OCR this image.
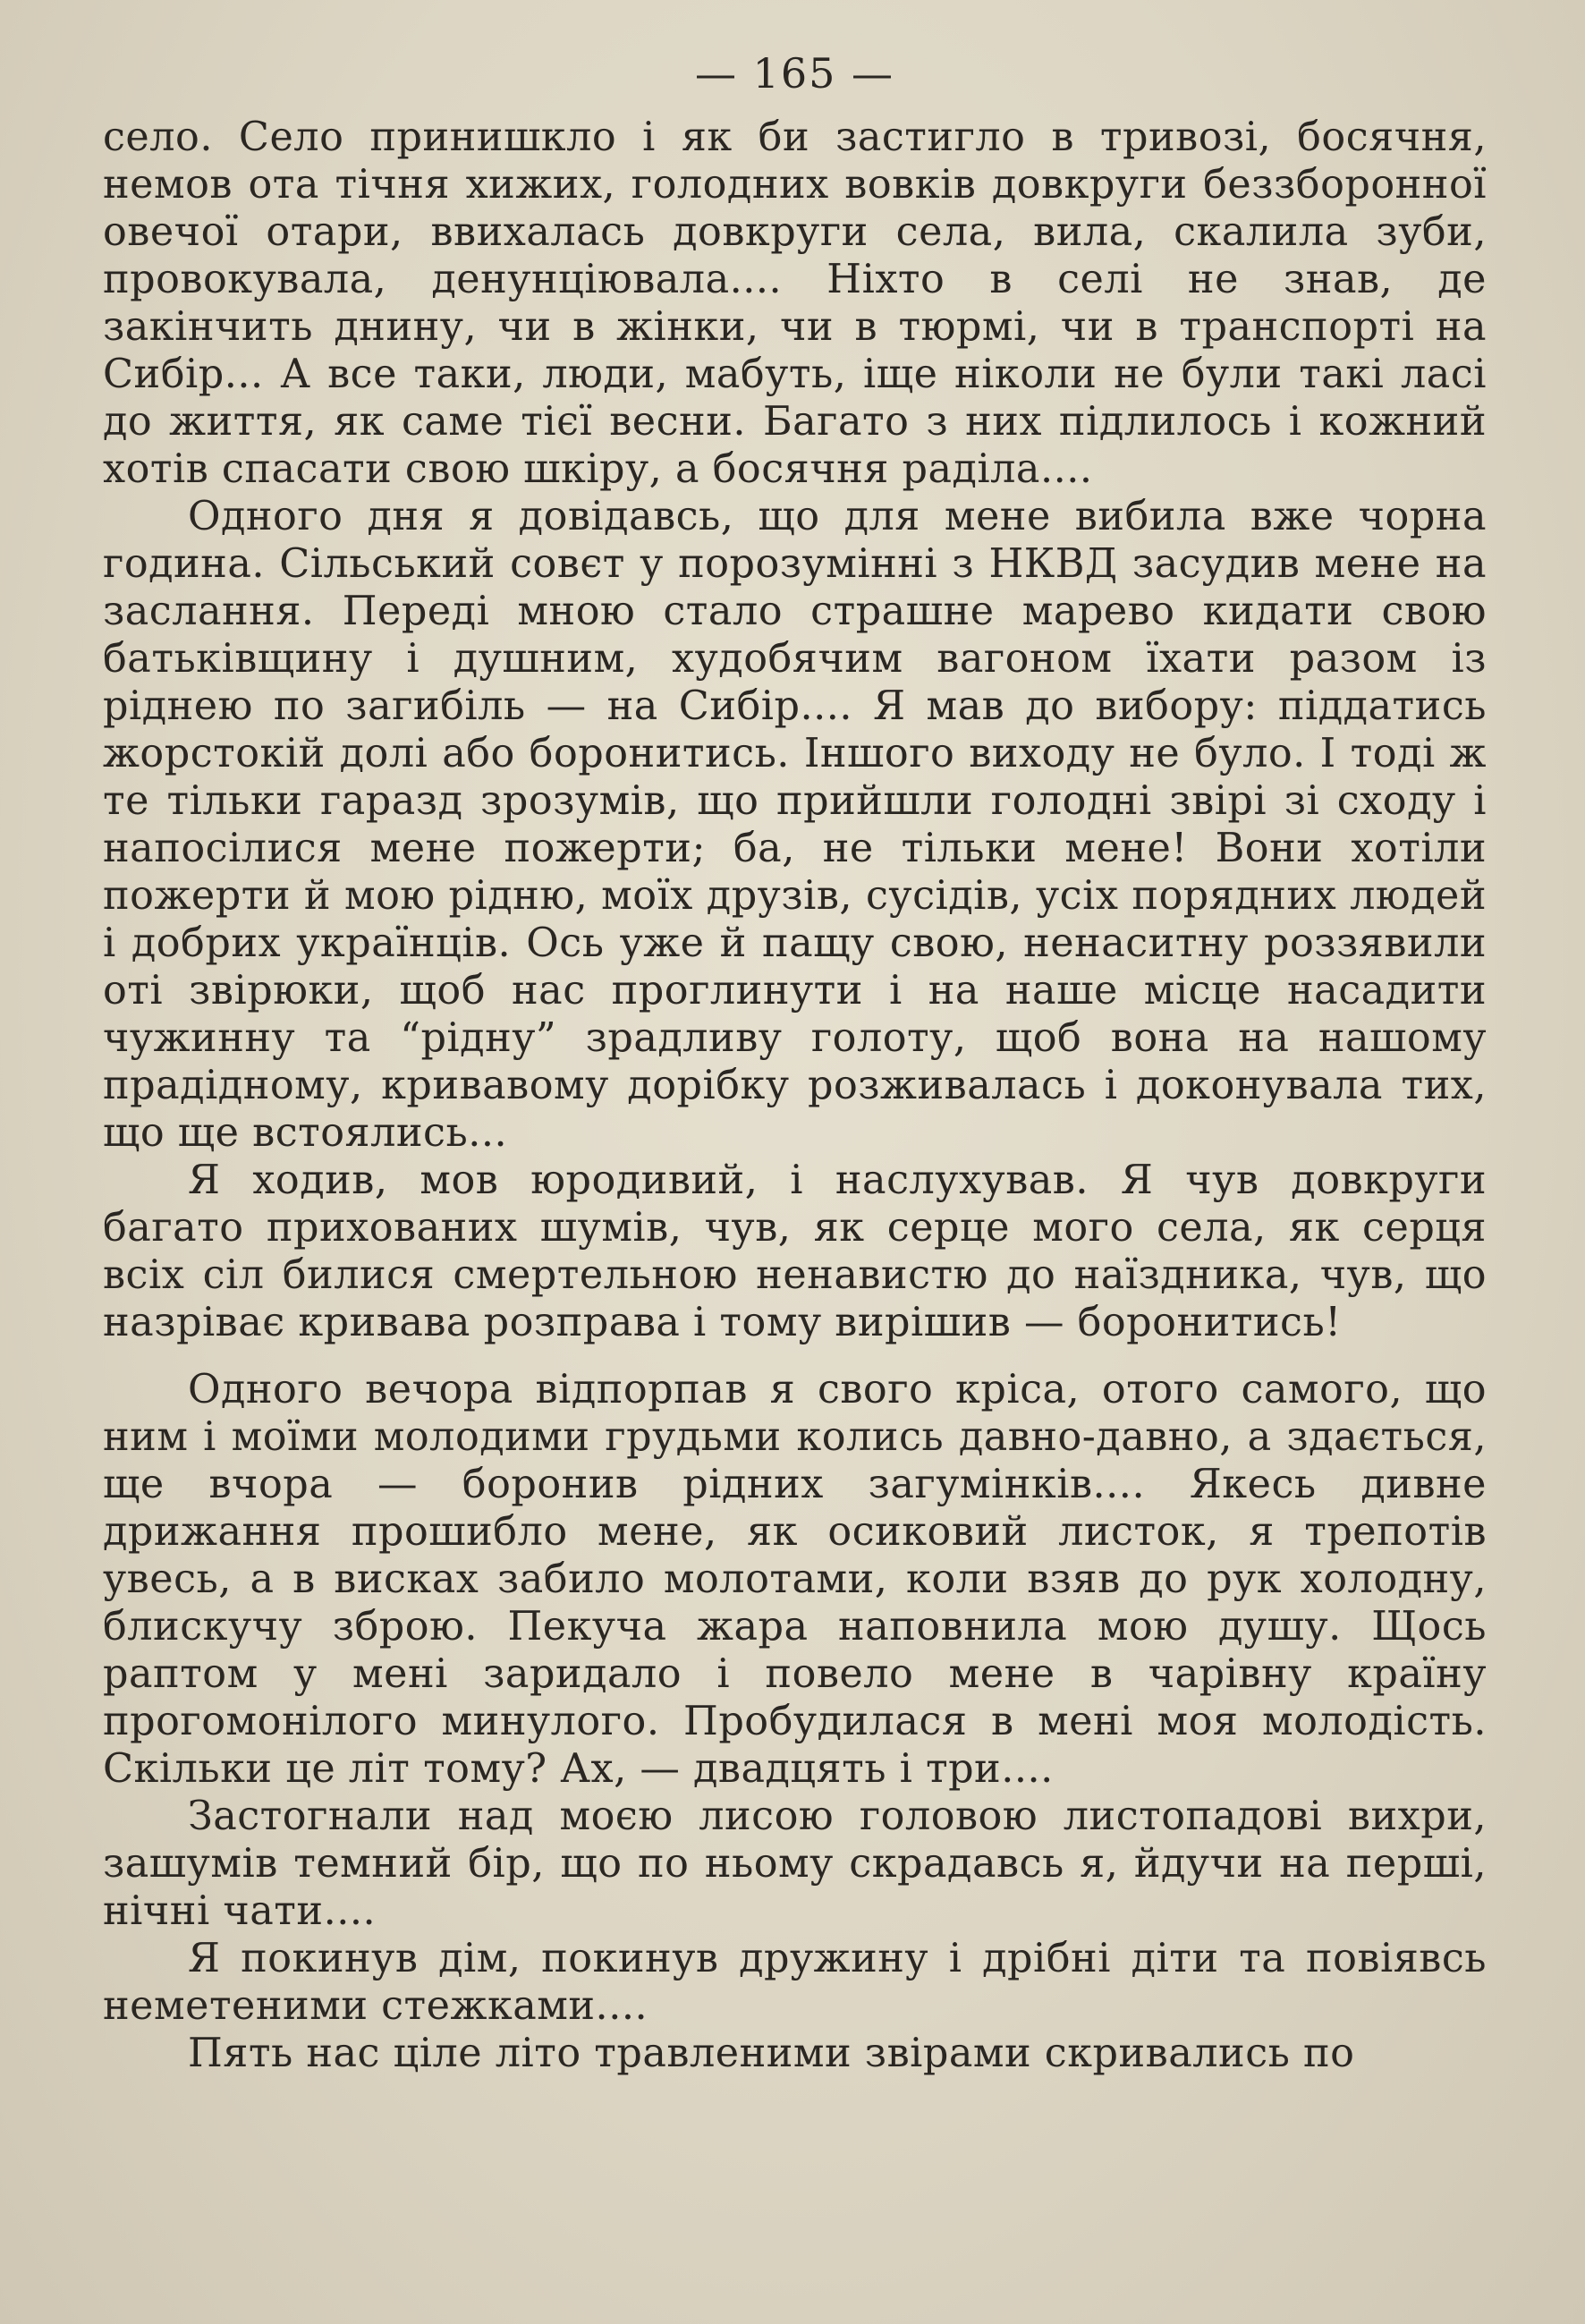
— 165 —

село. Село принишкло і як би застигло в тривозі, босячня, немов ота тічня хижих, голодних вовків довкруги беззборонної овечої отари, ввихалась довкруги села, вила, скалила зуби, провокувала, денунціювала.... Ніхто в селі не знав, де закінчить днину, чи в жінки, чи в тюрмі, чи в транспорті на Сибір... А все таки, люди, мабуть, іще ніколи не були такі ласі до життя, як саме тієї весни. Багато з них підлилось і кожний хотів спасати свою шкіру, а босячня раділа....

Одного дня я довідавсь, що для мене вибила вже чорна година. Сільський совєт у порозумінні з НКВД засудив мене на заслання. Переді мною стало страшне марево кидати свою батьківщину і душним, худобячим вагоном їхати разом із ріднею по загибіль — на Сибір.... Я мав до вибору: піддатись жорстокій долі або боронитись. Іншого виходу не було. І тоді ж те тільки гаразд зрозумів, що прийшли голодні звірі зі сходу і напосілися мене пожерти; ба, не тільки мене! Вони хотіли пожерти й мою рідню, моїх друзів, сусідів, усіх порядних людей і добрих українців. Ось уже й пащу свою, ненаситну роззявили оті звірюки, щоб нас проглинути і на наше місце насадити чужинну та “рідну” зрадливу голоту, щоб вона на нашому прадідному, кривавому дорібку розживалась і доконувала тих, що ще встоялись...

Я ходив, мов юродивий, і наслухував. Я чув довкруги багато прихованих шумів, чув, як серце мого села, як серця всіх сіл билися смертельною ненавистю до наїздника, чув, що назріває кривава розправа і тому вирішив — боронитись!

Одного вечора відпорпав я свого кріса, отого самого, що ним і моїми молодими грудьми колись давно-давно, а здається, ще вчора — боронив рідних загумінків.... Якесь дивне дрижання прошибло мене, як осиковий листок, я трепотів увесь, а в висках забило молотами, коли взяв до рук холодну, блискучу зброю. Пекуча жара наповнила мою душу. Щось раптом у мені заридало і повело мене в чарівну країну прогомонілого минулого. Пробудилася в мені моя молодість. Скільки це літ тому? Ах, — двадцять і три....

Застогнали над моєю лисою головою листопадові вихри, зашумів темний бір, що по ньому скрадавсь я, йдучи на перші, нічні чати....

Я покинув дім, покинув дружину і дрібні діти та повіявсь неметеними стежками....

Пять нас ціле літо травленими звірами скривались по
